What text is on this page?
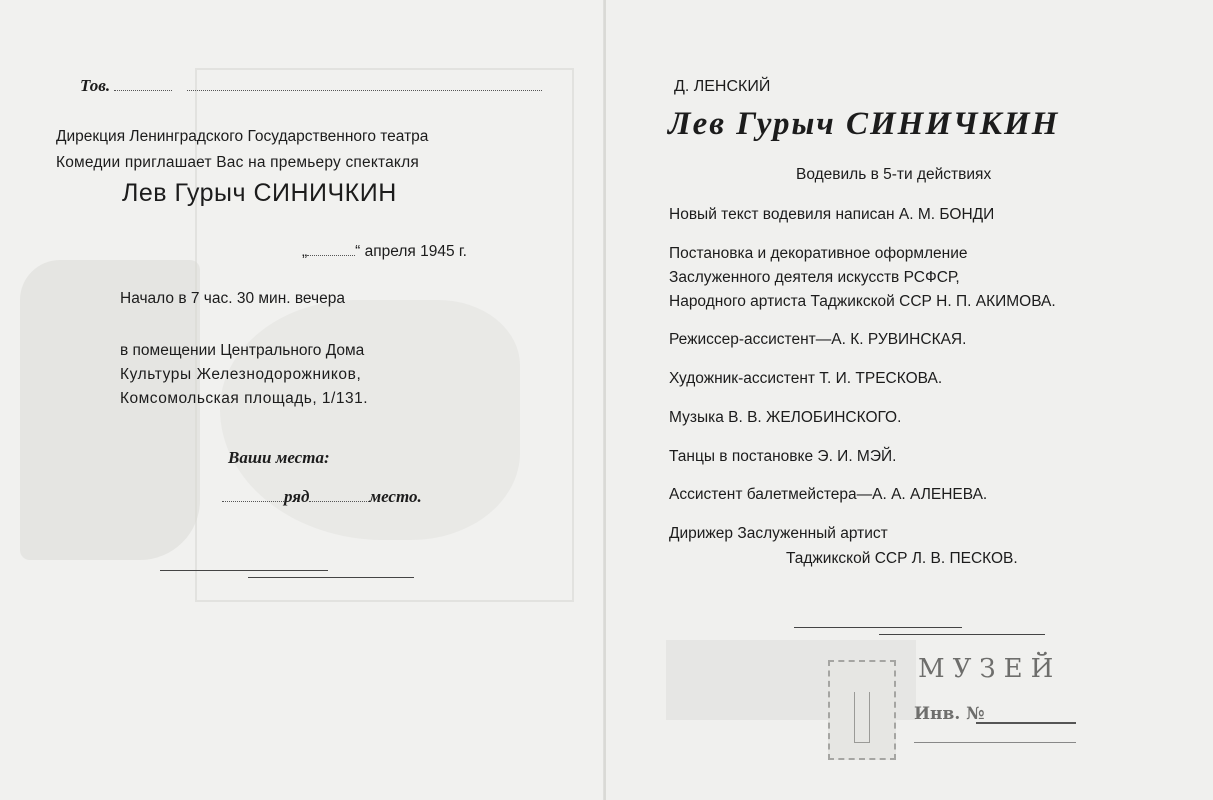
Тов.
Дирекция Ленинградского Государственного театра
Комедии приглашает Вас на премьеру спектакля
Лев Гурыч СИНИЧКИН
„	“ апреля 1945 г.
Начало в 7 час. 30 мин. вечера
в помещении Центрального Дома
Культуры Железнодорожников,
Комсомольская площадь, 1/131.
Ваши места:
ряд	место.
Д. ЛЕНСКИЙ
Лев Гурыч СИНИЧКИН
Водевиль в 5-ти действиях
Новый текст водевиля написан А. М. БОНДИ
Постановка и декоративное оформление
Заслуженного деятеля искусств РСФСР,
Народного артиста Таджикской ССР Н. П. АКИМОВА.
Режиссер-ассистент—А. К. РУВИНСКАЯ.
Художник-ассистент Т. И. ТРЕСКОВА.
Музыка В. В. ЖЕЛОБИНСКОГО.
Танцы в постановке Э. И. МЭЙ.
Ассистент балетмейстера—А. А. АЛЕНЕВА.
Дирижер Заслуженный артист
Таджикской ССР Л. В. ПЕСКОВ.
МУЗЕЙ
Инв. №
